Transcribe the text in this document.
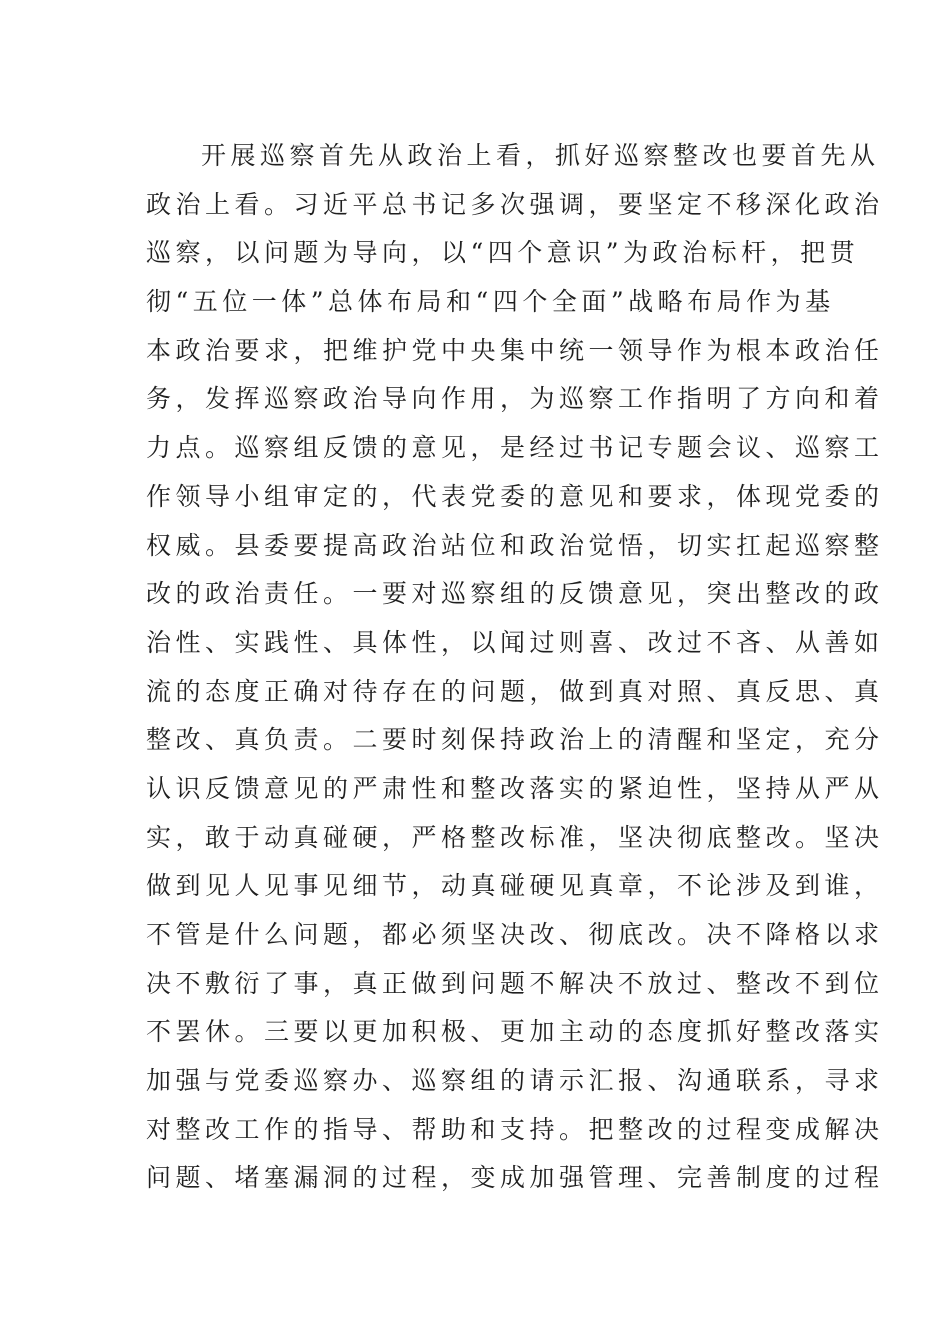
开展巡察首先从政治上看，抓好巡察整改也要首先从
政治上看。习近平总书记多次强调，要坚定不移深化政治
巡察，以问题为导向，以“四个意识”为政治标杆，把贯
彻“五位一体”总体布局和“四个全面”战略布局作为基
本政治要求，把维护党中央集中统一领导作为根本政治任
务，发挥巡察政治导向作用，为巡察工作指明了方向和着
力点。巡察组反馈的意见，是经过书记专题会议、巡察工
作领导小组审定的，代表党委的意见和要求，体现党委的
权威。县委要提高政治站位和政治觉悟，切实扛起巡察整
改的政治责任。一要对巡察组的反馈意见，突出整改的政
治性、实践性、具体性，以闻过则喜、改过不吝、从善如
流的态度正确对待存在的问题，做到真对照、真反思、真
整改、真负责。二要时刻保持政治上的清醒和坚定，充分
认识反馈意见的严肃性和整改落实的紧迫性，坚持从严从
实，敢于动真碰硬，严格整改标准，坚决彻底整改。坚决
做到见人见事见细节，动真碰硬见真章，不论涉及到谁，
不管是什么问题，都必须坚决改、彻底改。决不降格以求
决不敷衍了事，真正做到问题不解决不放过、整改不到位
不罢休。三要以更加积极、更加主动的态度抓好整改落实
加强与党委巡察办、巡察组的请示汇报、沟通联系，寻求
对整改工作的指导、帮助和支持。把整改的过程变成解决
问题、堵塞漏洞的过程，变成加强管理、完善制度的过程
